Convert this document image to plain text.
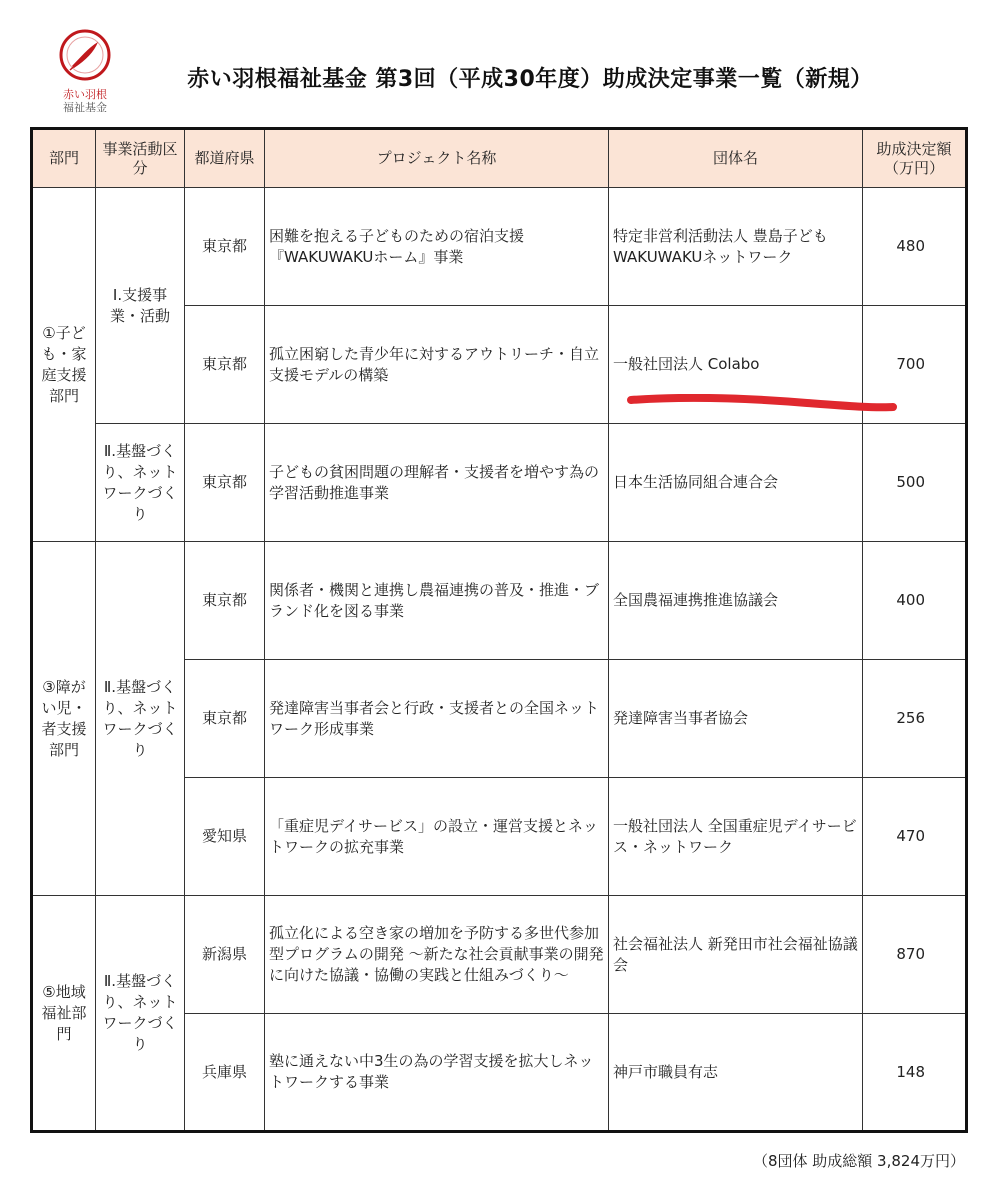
赤い羽根
福祉基金
赤い羽根福祉基金 第3回（平成30年度）助成決定事業一覧（新規）
部門	事業活動区分	都道府県	プロジェクト名称	団体名	助成決定額（万円）
①子ども・家庭支援部門	Ⅰ.支援事業・活動	東京都	困難を抱える子どものための宿泊支援『WAKUWAKUホーム』事業	特定非営利活動法人 豊島子どもWAKUWAKUネットワーク	480
		東京都	孤立困窮した青少年に対するアウトリーチ・自立支援モデルの構築	一般社団法人 Colabo	700
	Ⅱ.基盤づくり、ネットワークづくり	東京都	子どもの貧困問題の理解者・支援者を増やす為の学習活動推進事業	日本生活協同組合連合会	500
③障がい児・者支援部門	Ⅱ.基盤づくり、ネットワークづくり	東京都	関係者・機関と連携し農福連携の普及・推進・ブランド化を図る事業	全国農福連携推進協議会	400
		東京都	発達障害当事者会と行政・支援者との全国ネットワーク形成事業	発達障害当事者協会	256
		愛知県	「重症児デイサービス」の設立・運営支援とネットワークの拡充事業	一般社団法人 全国重症児デイサービス・ネットワーク	470
⑤地域福祉部門	Ⅱ.基盤づくり、ネットワークづくり	新潟県	孤立化による空き家の増加を予防する多世代参加型プログラムの開発 ～新たな社会貢献事業の開発に向けた協議・協働の実践と仕組みづくり～	社会福祉法人 新発田市社会福祉協議会	870
		兵庫県	塾に通えない中3生の為の学習支援を拡大しネットワークする事業	神戸市職員有志	148
（8団体 助成総額 3,824万円）
